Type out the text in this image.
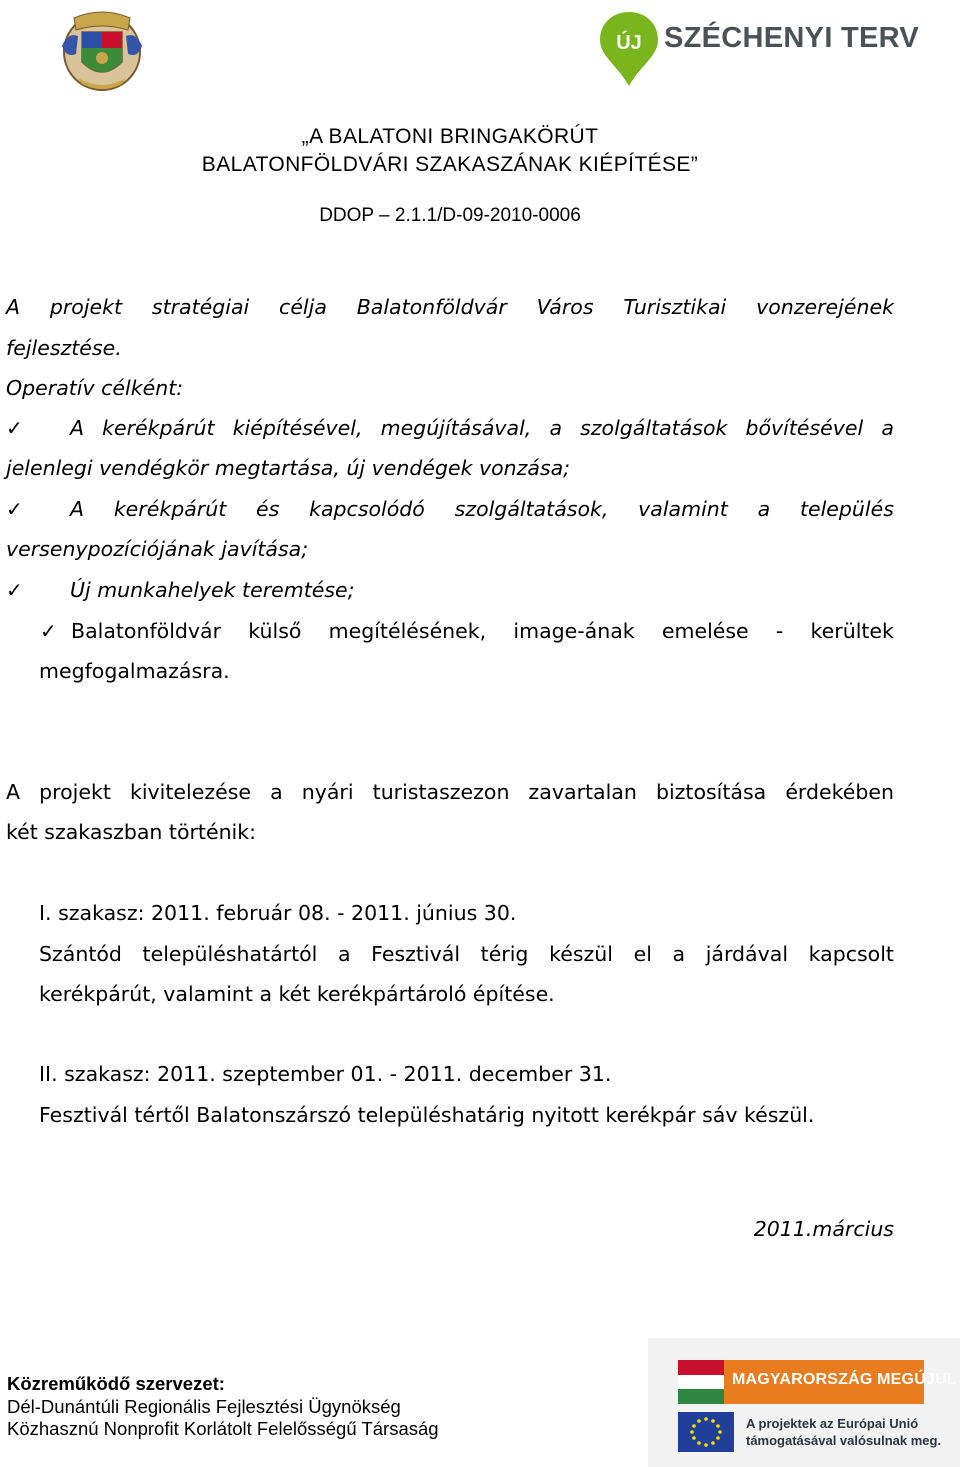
ÚJ SZÉCHENYI TERV
„A BALATONI BRINGAKÖRÚT
BALATONFÖLDVÁRI SZAKASZÁNAK KIÉPÍTÉSE”
DDOP – 2.1.1/D-09-2010-0006
A projekt stratégiai célja Balatonföldvár Város Turisztikai vonzerejének
fejlesztése.
Operatív célként:
✓ A kerékpárút kiépítésével, megújításával, a szolgáltatások bővítésével a
jelenlegi vendégkör megtartása, új vendégek vonzása;
✓ A kerékpárút és kapcsolódó szolgáltatások, valamint a település
versenypozíciójának javítása;
✓ Új munkahelyek teremtése;
✓ Balatonföldvár külső megítélésének, image-ának emelése - kerültek
megfogalmazásra.
A projekt kivitelezése a nyári turistaszezon zavartalan biztosítása érdekében
két szakaszban történik:
I. szakasz: 2011. február 08. - 2011. június 30.
Szántód településhatártól a Fesztivál térig készül el a járdával kapcsolt
kerékpárút, valamint a két kerékpártároló építése.
II. szakasz: 2011. szeptember 01. - 2011. december 31.
Fesztivál tértől Balatonszárszó településhatárig nyitott kerékpár sáv készül.
2011.március
Közreműködő szervezet:
Dél-Dunántúli Regionális Fejlesztési Ügynökség
Közhasznú Nonprofit Korlátolt Felelősségű Társaság
MAGYARORSZÁG MEGÚJUL
A projektek az Európai Unió
támogatásával valósulnak meg.
